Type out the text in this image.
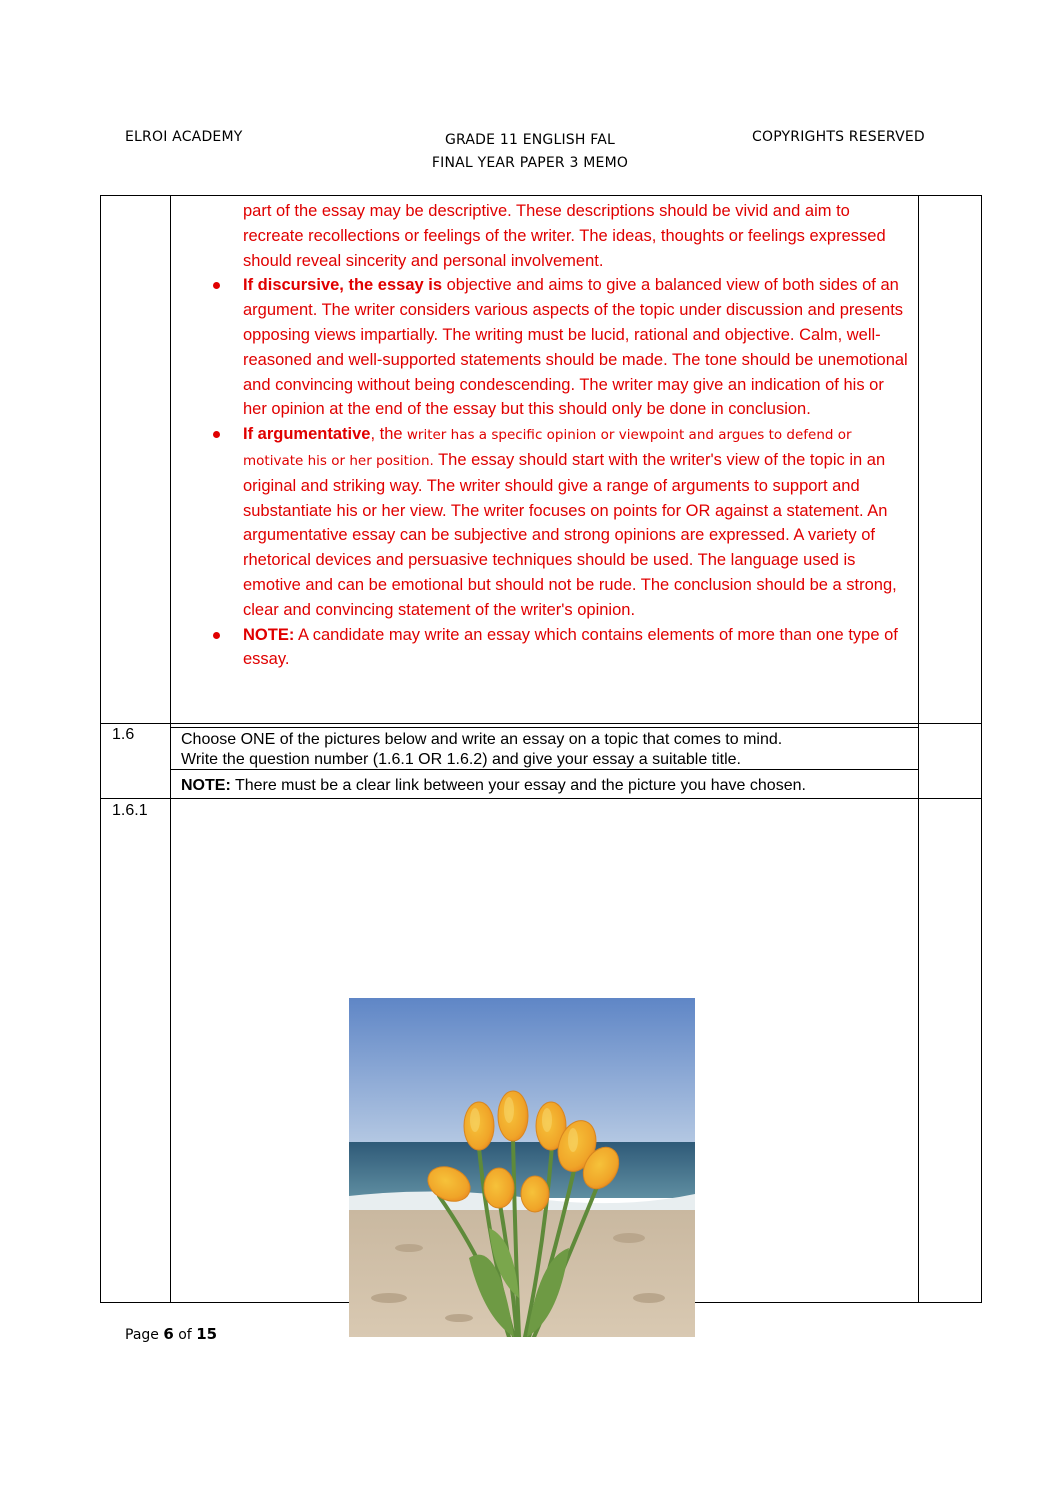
ELROI ACADEMY	GRADE 11 ENGLISH FAL
FINAL YEAR PAPER 3 MEMO
COPYRIGHTS RESERVED

part of the essay may be descriptive. These descriptions should be vivid and aim to recreate recollections or feelings of the writer. The ideas, thoughts or feelings expressed should reveal sincerity and personal involvement.

If discursive, the essay is objective and aims to give a balanced view of both sides of an argument. The writer considers various aspects of the topic under discussion and presents opposing views impartially. The writing must be lucid, rational and objective. Calm, well-reasoned and well-supported statements should be made. The tone should be unemotional and convincing without being condescending. The writer may give an indication of his or her opinion at the end of the essay but this should only be done in conclusion.

If argumentative, the writer has a specific opinion or viewpoint and argues to defend or motivate his or her position. The essay should start with the writer's view of the topic in an original and striking way. The writer should give a range of arguments to support and substantiate his or her view. The writer focuses on points for OR against a statement. An argumentative essay can be subjective and strong opinions are expressed. A variety of rhetorical devices and persuasive techniques should be used. The language used is emotive and can be emotional but should not be rude. The conclusion should be a strong, clear and convincing statement of the writer's opinion.

NOTE: A candidate may write an essay which contains elements of more than one type of essay.

1.6	Choose ONE of the pictures below and write an essay on a topic that comes to mind.
Write the question number (1.6.1 OR 1.6.2) and give your essay a suitable title.
NOTE: There must be a clear link between your essay and the picture you have chosen.
1.6.1
Page 6 of 15
